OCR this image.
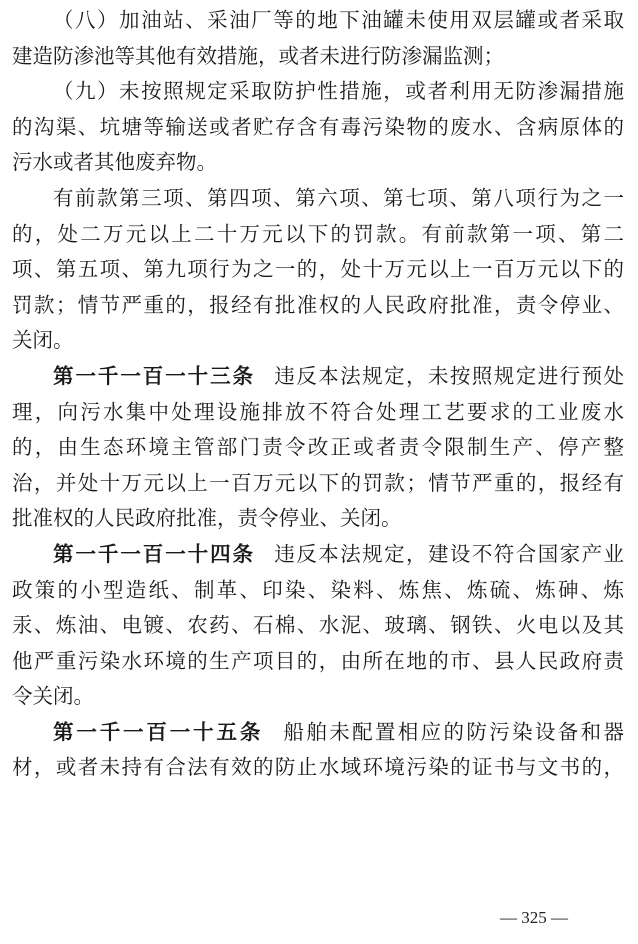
（八）加油站、采油厂等的地下油罐未使用双层罐或者采取
建造防渗池等其他有效措施，或者未进行防渗漏监测；
（九）未按照规定采取防护性措施，或者利用无防渗漏措施
的沟渠、坑塘等输送或者贮存含有毒污染物的废水、含病原体的
污水或者其他废弃物。
有前款第三项、第四项、第六项、第七项、第八项行为之一
的，处二万元以上二十万元以下的罚款。有前款第一项、第二
项、第五项、第九项行为之一的，处十万元以上一百万元以下的
罚款；情节严重的，报经有批准权的人民政府批准，责令停业、
关闭。
第一千一百一十三条 违反本法规定，未按照规定进行预处
理，向污水集中处理设施排放不符合处理工艺要求的工业废水
的，由生态环境主管部门责令改正或者责令限制生产、停产整
治，并处十万元以上一百万元以下的罚款；情节严重的，报经有
批准权的人民政府批准，责令停业、关闭。
第一千一百一十四条 违反本法规定，建设不符合国家产业
政策的小型造纸、制革、印染、染料、炼焦、炼硫、炼砷、炼
汞、炼油、电镀、农药、石棉、水泥、玻璃、钢铁、火电以及其
他严重污染水环境的生产项目的，由所在地的市、县人民政府责
令关闭。
第一千一百一十五条 船舶未配置相应的防污染设备和器
材，或者未持有合法有效的防止水域环境污染的证书与文书的，
— 325 —
